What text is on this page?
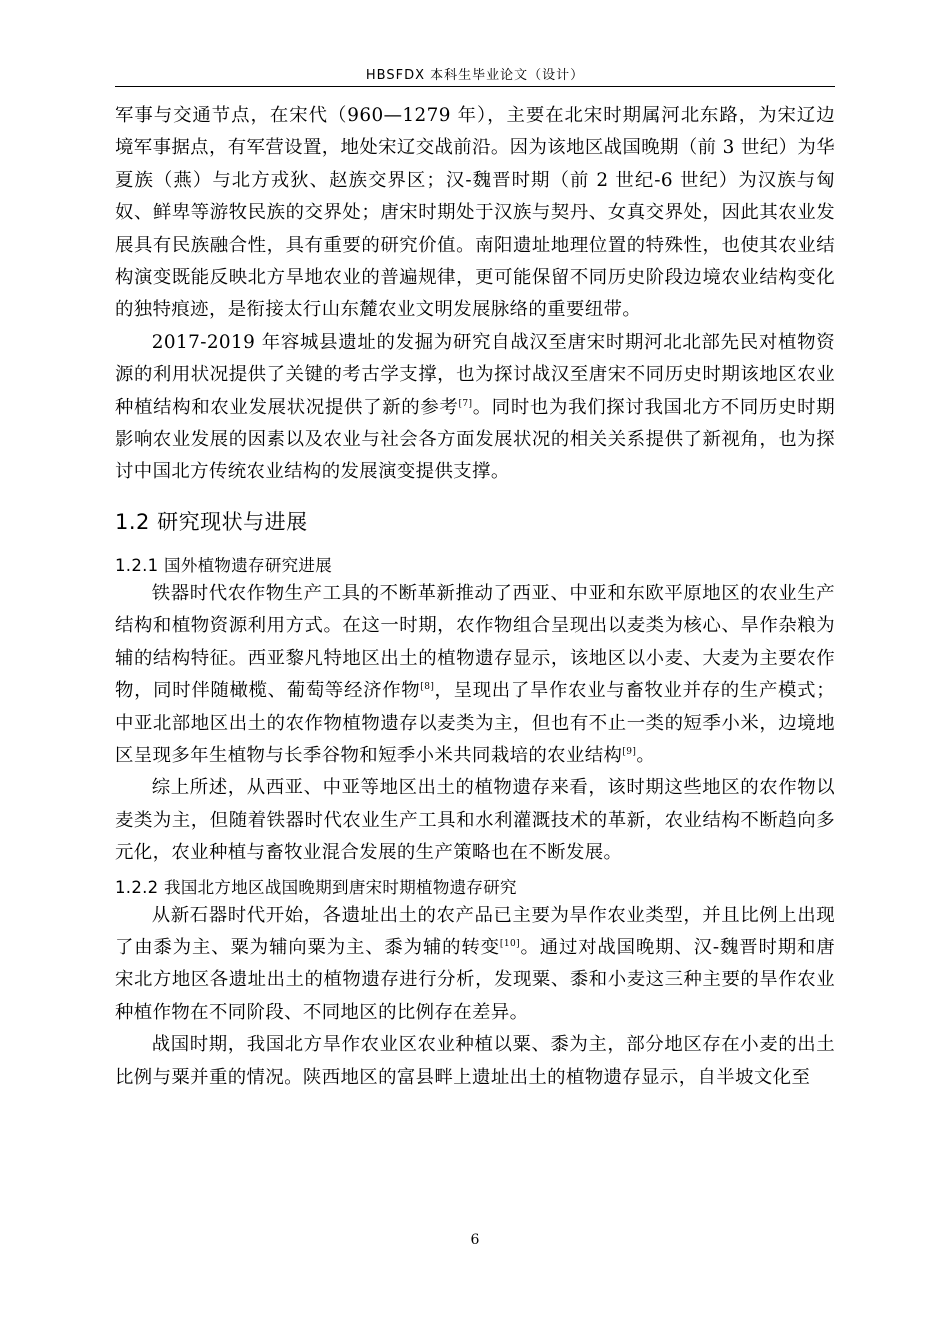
HBSFDX 本科生毕业论文（设计）

军事与交通节点，在宋代（960—1279 年），主要在北宋时期属河北东路，为宋辽边境军事据点，有军营设置，地处宋辽交战前沿。因为该地区战国晚期（前 3 世纪）为华夏族（燕）与北方戎狄、赵族交界区；汉-魏晋时期（前 2 世纪-6 世纪）为汉族与匈奴、鲜卑等游牧民族的交界处；唐宋时期处于汉族与契丹、女真交界处，因此其农业发展具有民族融合性，具有重要的研究价值。南阳遗址地理位置的特殊性，也使其农业结构演变既能反映北方旱地农业的普遍规律，更可能保留不同历史阶段边境农业结构变化的独特痕迹，是衔接太行山东麓农业文明发展脉络的重要纽带。

2017-2019 年容城县遗址的发掘为研究自战汉至唐宋时期河北北部先民对植物资源的利用状况提供了关键的考古学支撑，也为探讨战汉至唐宋不同历史时期该地区农业种植结构和农业发展状况提供了新的参考[7]。同时也为我们探讨我国北方不同历史时期影响农业发展的因素以及农业与社会各方面发展状况的相关关系提供了新视角，也为探讨中国北方传统农业结构的发展演变提供支撑。

1.2 研究现状与进展
1.2.1 国外植物遗存研究进展

铁器时代农作物生产工具的不断革新推动了西亚、中亚和东欧平原地区的农业生产结构和植物资源利用方式。在这一时期，农作物组合呈现出以麦类为核心、旱作杂粮为辅的结构特征。西亚黎凡特地区出土的植物遗存显示，该地区以小麦、大麦为主要农作物，同时伴随橄榄、葡萄等经济作物[8]，呈现出了旱作农业与畜牧业并存的生产模式；中亚北部地区出土的农作物植物遗存以麦类为主，但也有不止一类的短季小米，边境地区呈现多年生植物与长季谷物和短季小米共同栽培的农业结构[9]。

综上所述，从西亚、中亚等地区出土的植物遗存来看，该时期这些地区的农作物以麦类为主，但随着铁器时代农业生产工具和水利灌溉技术的革新，农业结构不断趋向多元化，农业种植与畜牧业混合发展的生产策略也在不断发展。

1.2.2 我国北方地区战国晚期到唐宋时期植物遗存研究

从新石器时代开始，各遗址出土的农产品已主要为旱作农业类型，并且比例上出现了由黍为主、粟为辅向粟为主、黍为辅的转变[10]。通过对战国晚期、汉-魏晋时期和唐宋北方地区各遗址出土的植物遗存进行分析，发现粟、黍和小麦这三种主要的旱作农业种植作物在不同阶段、不同地区的比例存在差异。

战国时期，我国北方旱作农业区农业种植以粟、黍为主，部分地区存在小麦的出土比例与粟并重的情况。陕西地区的富县畔上遗址出土的植物遗存显示，自半坡文化至

6
